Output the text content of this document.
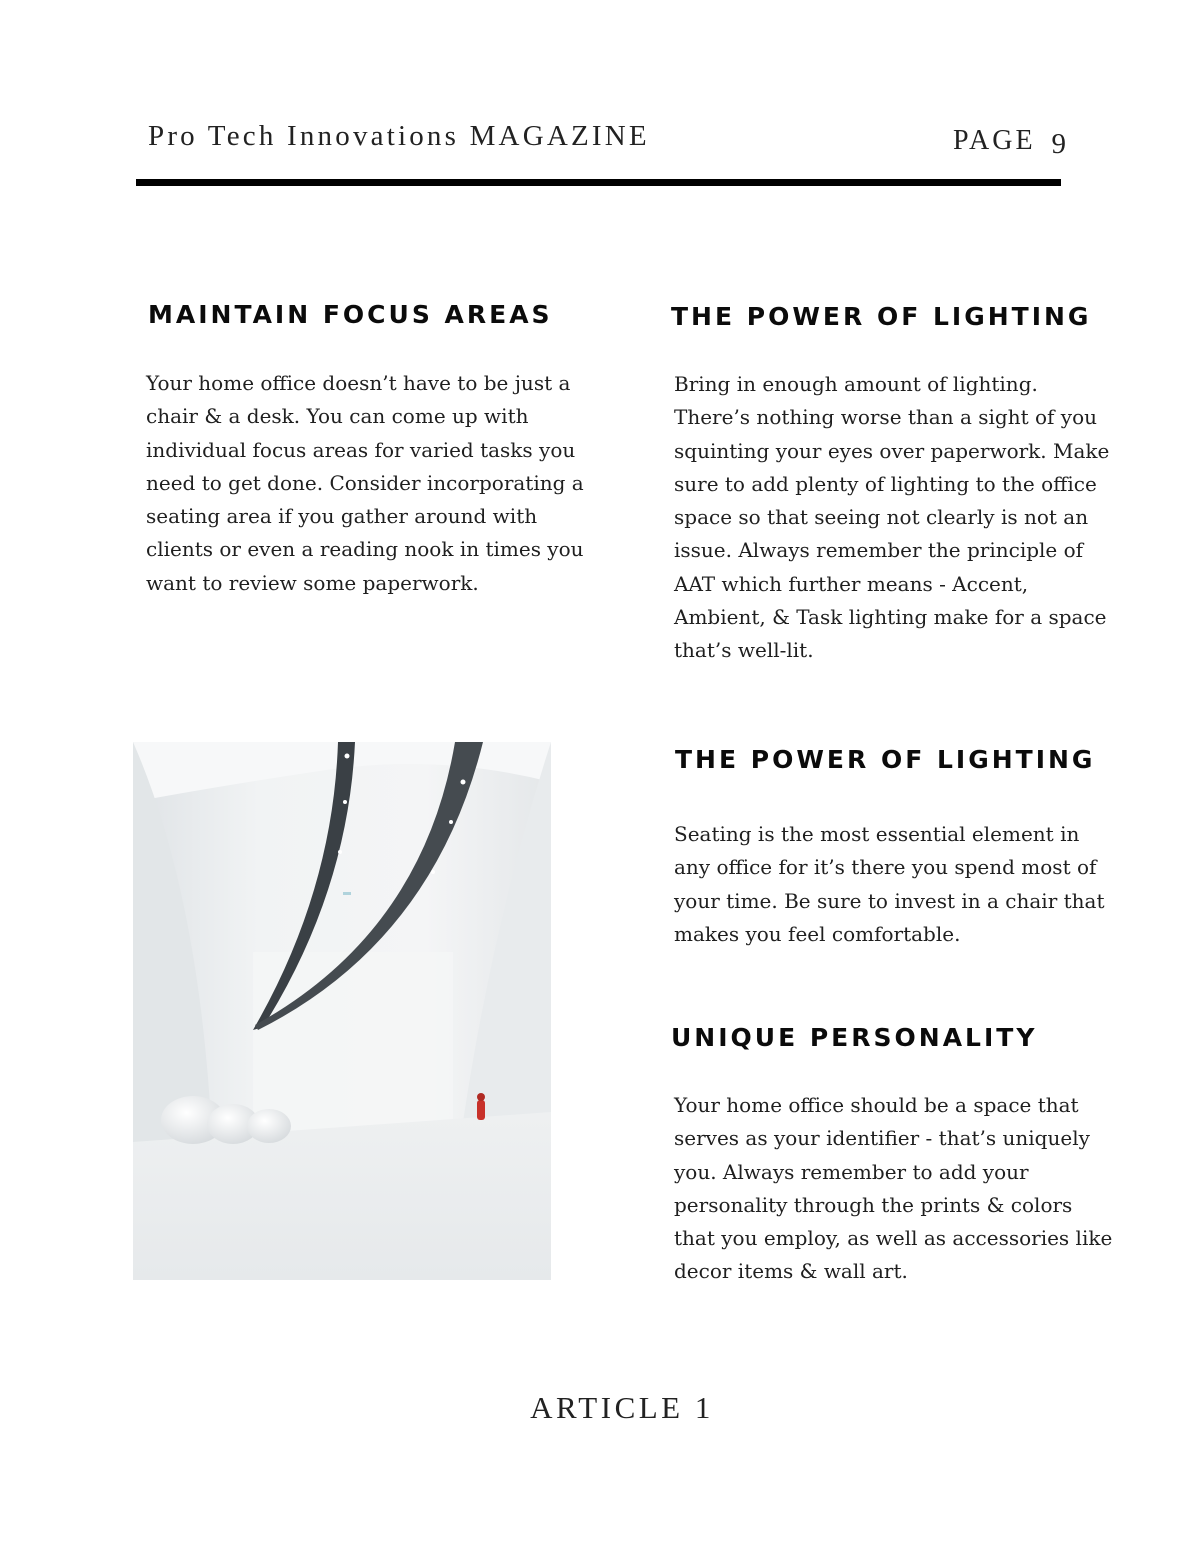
Pro Tech Innovations MAGAZINE	PAGE 9
MAINTAIN FOCUS AREAS

Your home office doesn’t have to be just a chair & a desk. You can come up with individual focus areas for varied tasks you need to get done. Consider incorporating a seating area if you gather around with clients or even a reading nook in times you want to review some paperwork.

THE POWER OF LIGHTING

Bring in enough amount of lighting. There’s nothing worse than a sight of you squinting your eyes over paperwork. Make sure to add plenty of lighting to the office space so that seeing not clearly is not an issue. Always remember the principle of AAT which further means - Accent, Ambient, & Task lighting make for a space that’s well-lit.

THE POWER OF LIGHTING

Seating is the most essential element in any office for it’s there you spend most of your time. Be sure to invest in a chair that makes you feel comfortable.

UNIQUE PERSONALITY

Your home office should be a space that serves as your identifier - that’s uniquely you. Always remember to add your personality through the prints & colors that you employ, as well as accessories like decor items & wall art.

ARTICLE 1
